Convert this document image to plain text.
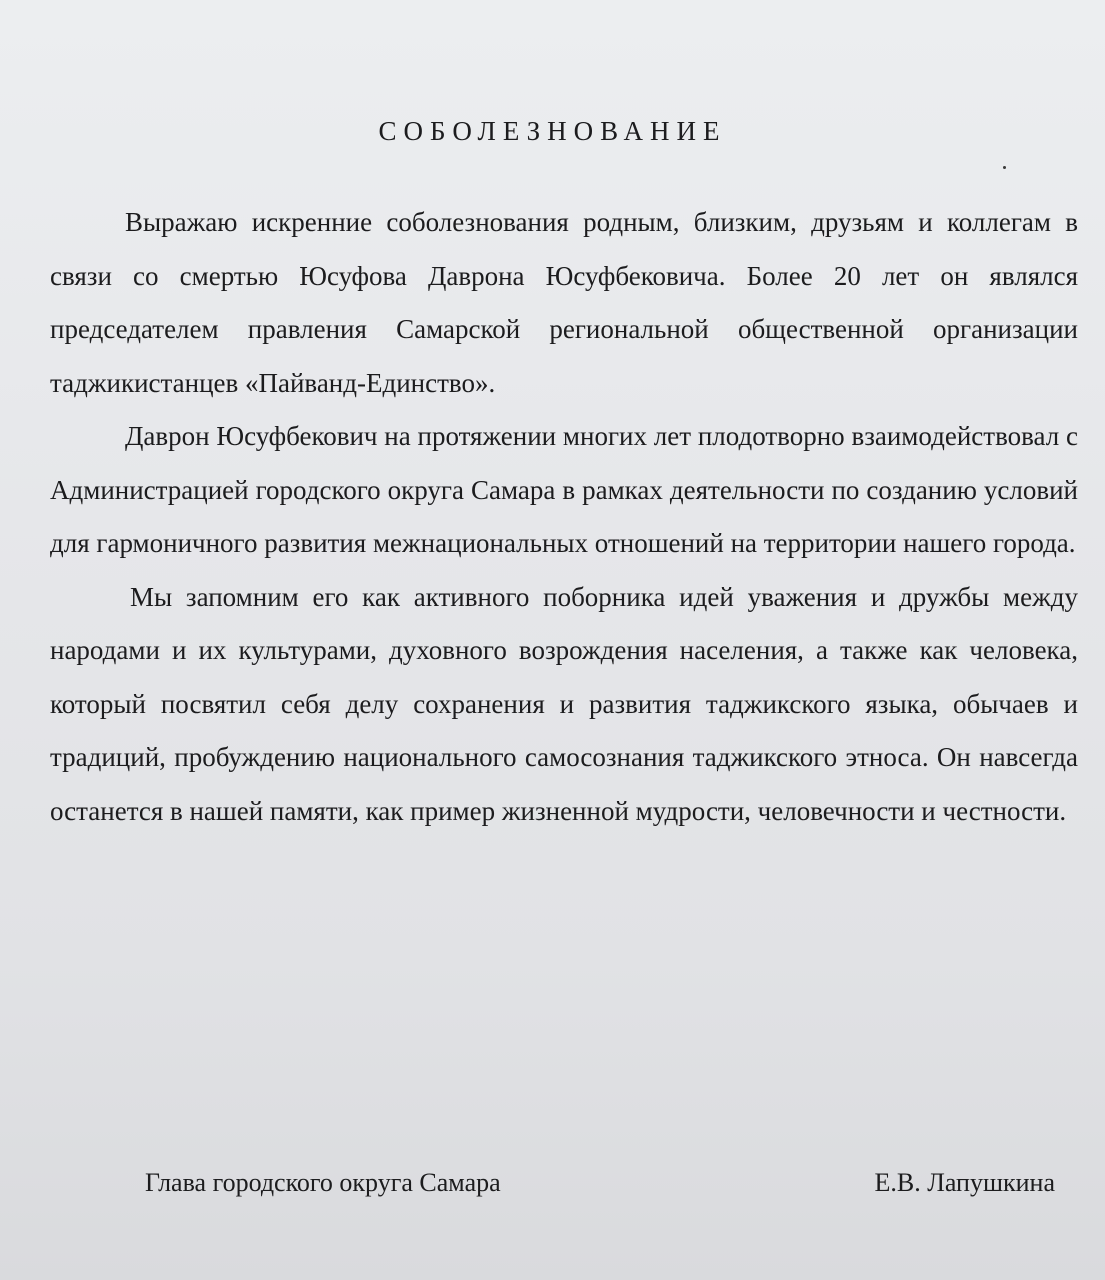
СОБОЛЕЗНОВАНИЕ

Выражаю искренние соболезнования родным, близким, друзьям и коллегам в связи со смертью Юсуфова Даврона Юсуфбековича. Более 20 лет он являлся председателем правления Самарской региональной общественной организации таджикистанцев «Пайванд-Единство».

Даврон Юсуфбекович на протяжении многих лет плодотворно взаимодействовал с Администрацией городского округа Самара в рамках деятельности по созданию условий для гармоничного развития межнациональных отношений на территории нашего города.

Мы запомним его как активного поборника идей уважения и дружбы между народами и их культурами, духовного возрождения населения, а также как человека, который посвятил себя делу сохранения и развития таджикского языка, обычаев и традиций, пробуждению национального самосознания таджикского этноса. Он навсегда останется в нашей памяти, как пример жизненной мудрости, человечности и честности.

Глава городского округа Самара	Е.В. Лапушкина
